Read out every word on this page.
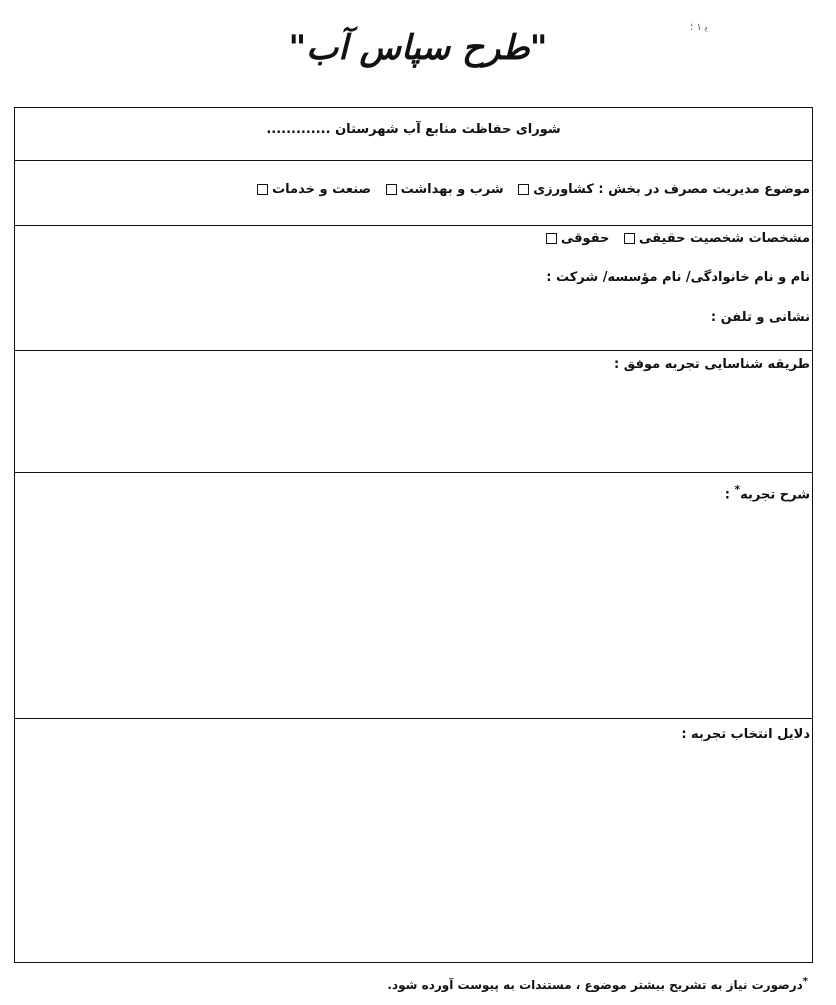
"طرح سپاس آب"
ﯾ ١ ؛
شورای حفاظت منابع آب شهرستان .............
موضوع مدیریت مصرف در بخش : کشاورزی شرب و بهداشت صنعت و خدمات
مشخصات شخصیت حقیقی حقوقی
نام و نام خانوادگی/ نام مؤسسه/ شرکت :
نشانی و تلفن :
طریقه شناسایی تجربه موفق :
شرح تجربه* :
دلایل انتخاب تجربه :
*درصورت نیاز به تشریح بیشتر موضوع ، مستندات به پیوست آورده شود.
